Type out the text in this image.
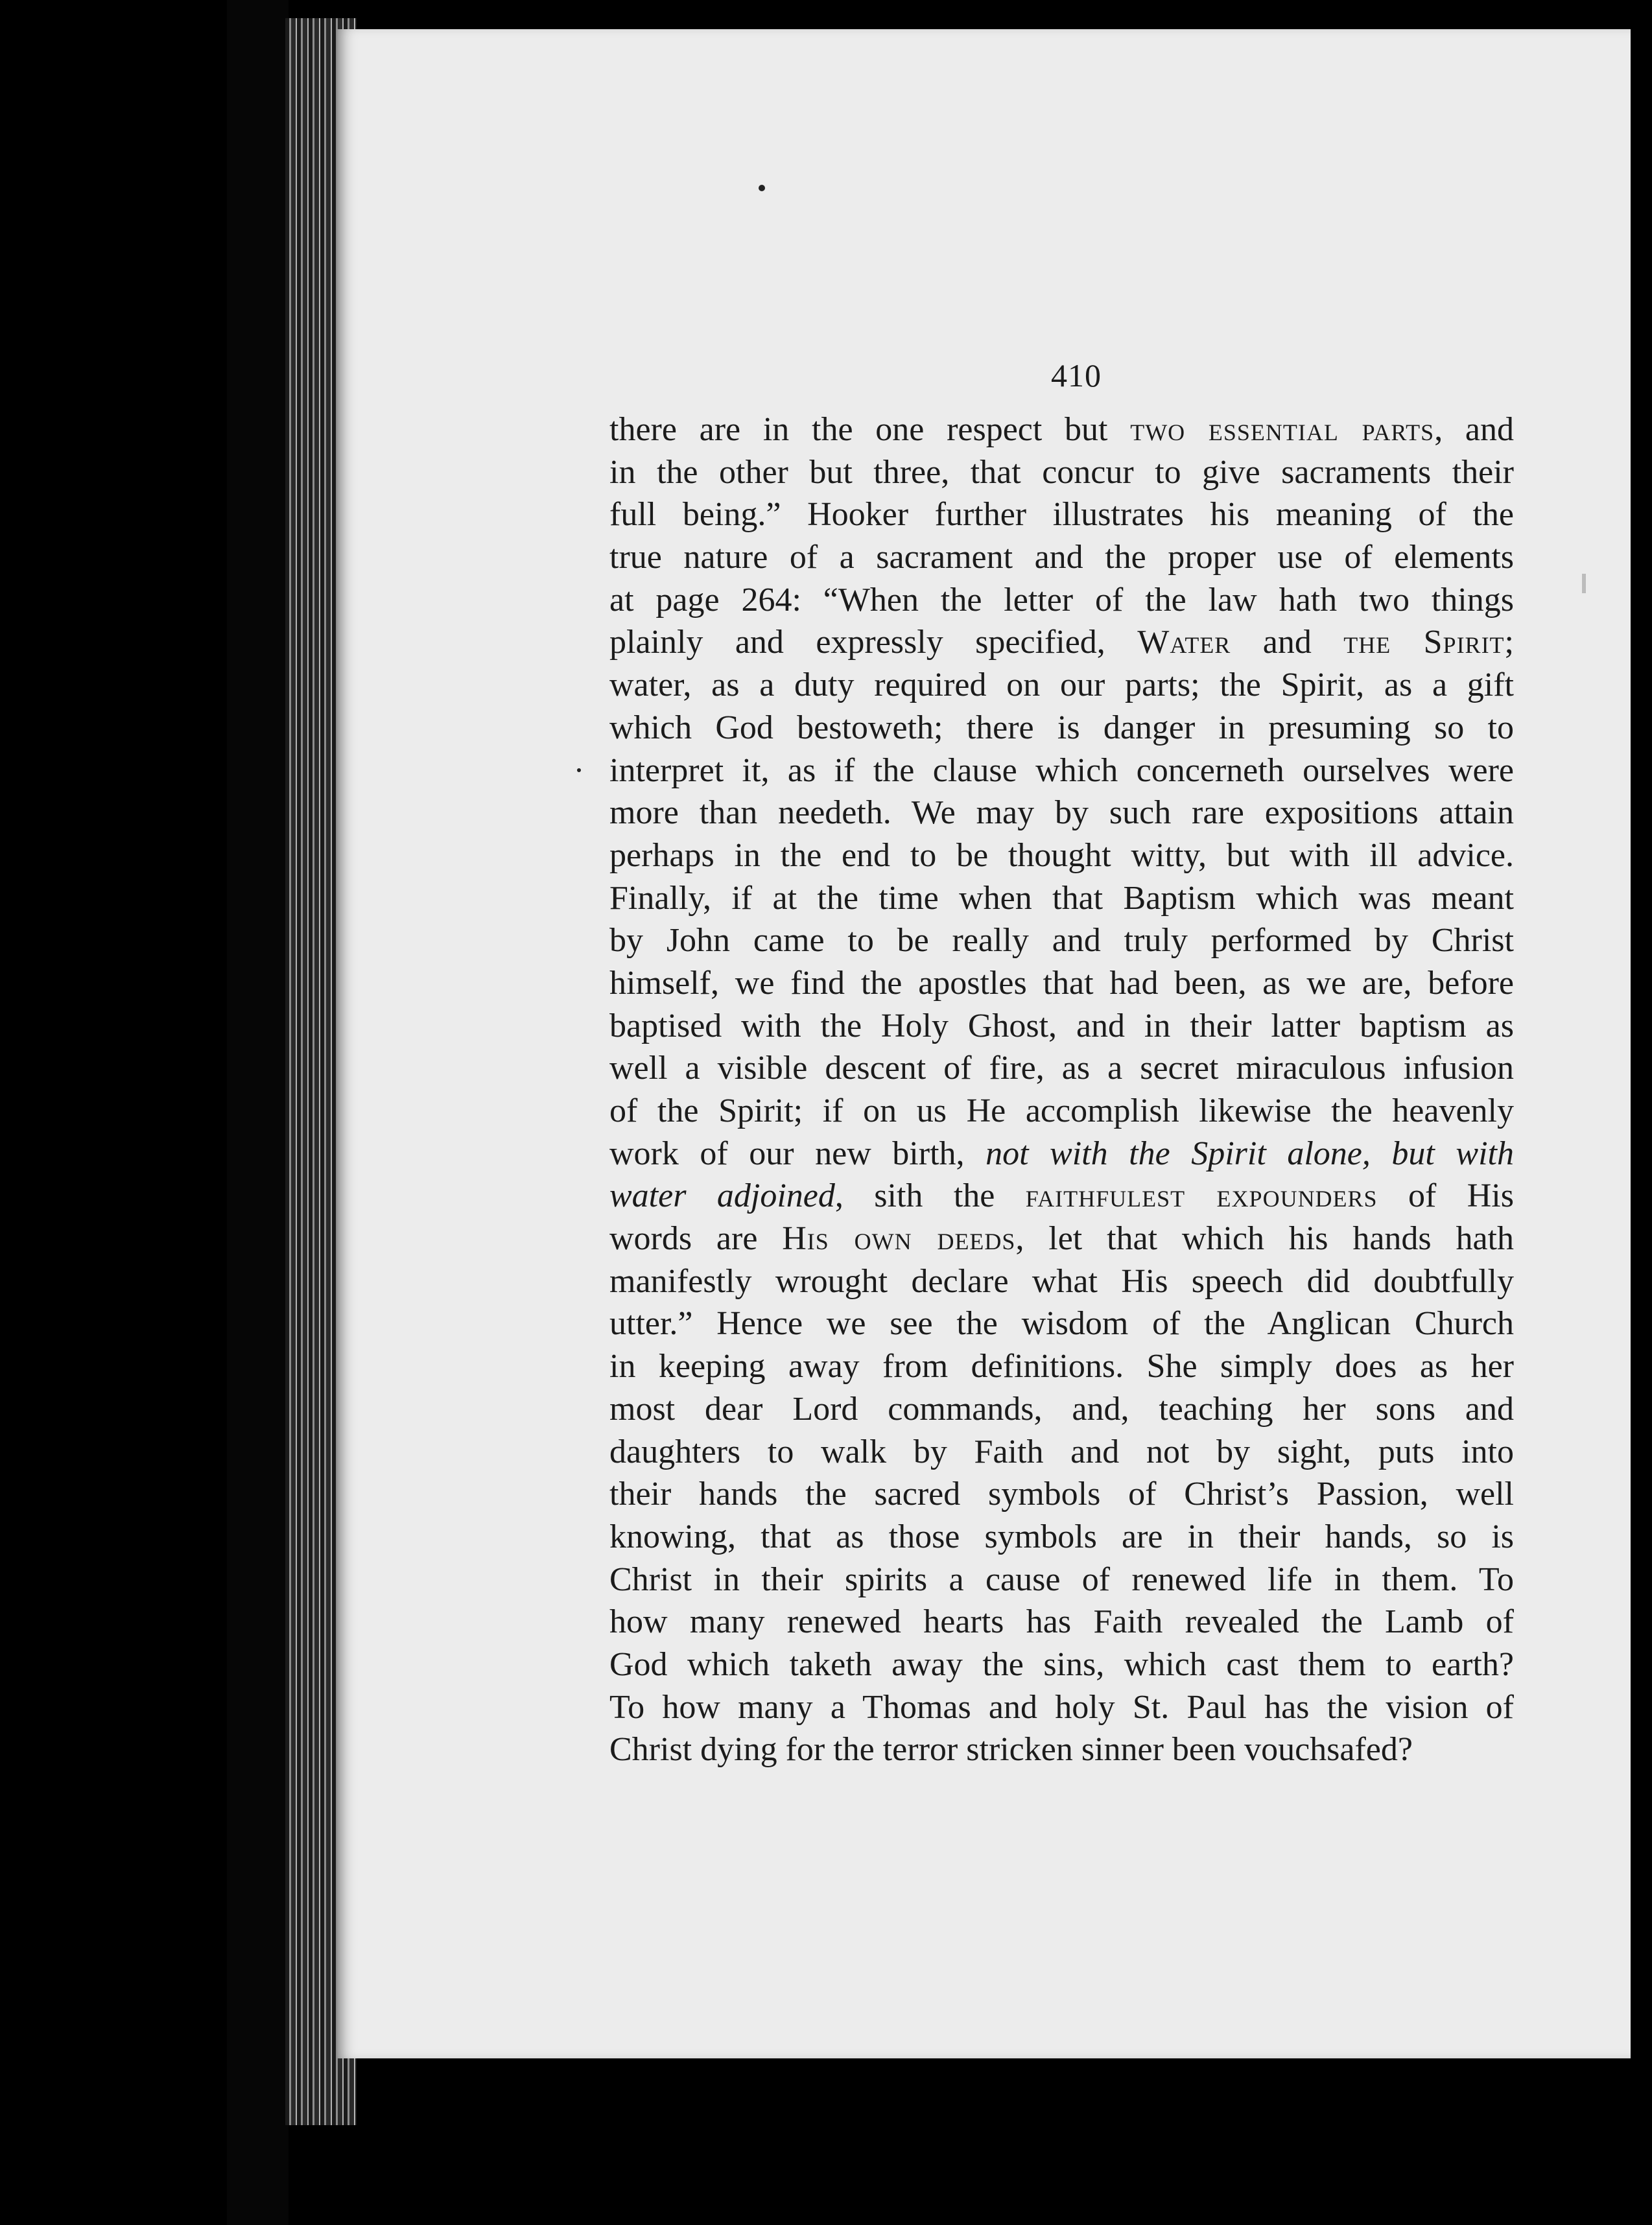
410
there are in the one respect but two essential parts, and
in the other but three, that concur to give sacraments their
full being.” Hooker further illustrates his meaning of the
true nature of a sacrament and the proper use of elements
at page 264: “When the letter of the law hath two things
plainly and expressly specified, Water and the Spirit;
water, as a duty required on our parts; the Spirit, as a gift
which God bestoweth; there is danger in presuming so to
interpret it, as if the clause which concerneth ourselves were
more than needeth. We may by such rare expositions attain
perhaps in the end to be thought witty, but with ill advice.
Finally, if at the time when that Baptism which was meant
by John came to be really and truly performed by Christ
himself, we find the apostles that had been, as we are, before
baptised with the Holy Ghost, and in their latter baptism as
well a visible descent of fire, as a secret miraculous infusion
of the Spirit; if on us He accomplish likewise the heavenly
work of our new birth, not with the Spirit alone, but with
water adjoined, sith the faithfulest expounders of His
words are His own deeds, let that which his hands hath
manifestly wrought declare what His speech did doubtfully
utter.” Hence we see the wisdom of the Anglican Church
in keeping away from definitions. She simply does as her
most dear Lord commands, and, teaching her sons and
daughters to walk by Faith and not by sight, puts into
their hands the sacred symbols of Christ’s Passion, well
knowing, that as those symbols are in their hands, so is
Christ in their spirits a cause of renewed life in them. To
how many renewed hearts has Faith revealed the Lamb of
God which taketh away the sins, which cast them to earth?
To how many a Thomas and holy St. Paul has the vision of
Christ dying for the terror stricken sinner been vouchsafed?
